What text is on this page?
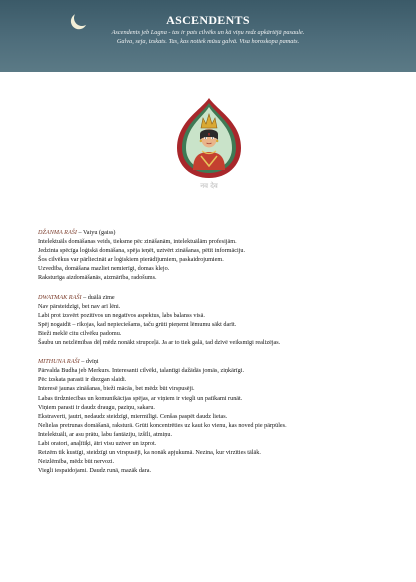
ASCENDENTS

Ascendents jeb Lagna - tas ir pats cilvēks un kā viņu redz apkārtējā pasaule.

Galva, seja, izskats. Tas, kas notiek mūsu galvā. Visa horoskopa pamats.

नव देव
DŽANMA RAŠI – Vaiyu (gaiss)
Intelektuāls domāšanas veids, tieksme pēc zināšanām, intelektuālām profesijām.
Jedzinta spēcīga loģiskā domāšana, spēja ieņēt, uztvērt zināšanas, pētīt informāciju.
Šos cilvēkus var pārliecināt ar loģiskiem pierādījumiem, paskaidrojumiem.
Uzvedība, domāšana mazliet nemierīgi, domas klejo.
Raksturīga aizdomāšanās, aizmārība, radošums.
DWATMAK RAŠI – duālā zīme
Nav pārsteidzīgi, bet nav arī lēni.
Labi prot izsvērt pozitīvos un negatīvos aspektus, labs balanss visā.
Spēj nogaidīt – rīkojas, kad nepieciešams, taču grūti pieņemt lēmumu sākt darīt.
Bieži meklē citu cilvēku padomu.
Šaubu un neizlēmības dēļ mēdz nonākt strupceļā. Ja ar to tiek galā, tad dzīvē veiksmīgi realizējas.
MITHUNA RAŠI – dvīņi
Pārvalda Budha jeb Merkurs. Interesanti cilvēki, talantīgi dažādās jomās, ziņkārīgi.
Pēc izskata parasti ir diezgan slaidi.
Interesē jaunas zināšanas, bieži mācās, bet mēdz būt virspusēji.
Labas tirdzniecības un komunikācijas spējas, ar viņiem ir viegli un patīkami runāt.
Viņiem parasti ir daudz draugu, paziņu, sakaru.
Ekstraverti, jautri, nedaudz steidzīgi, miermīlīgi. Cenšas paspēt daudz lietas.
Nelielas pretrunas domāšanā, raksturā. Grūti koncentrēties uz kaut ko vienu, kas noved pie pārpūles.
Intelektuāli, ar asu prātu, labu fantāziju, izšīli, atmiņu.
Labi oratori, anaļītiķi, ātri visu uztver un izprot.
Reizēm tik kustīgi, steidzīgi un virspusēji, ka nonāk apjukumā. Nezina, kur virzīties tālāk.
Neizlēmība, mēdz būt nervozi.
Viegli iespaidojami. Daudz runā, mazāk dara.
